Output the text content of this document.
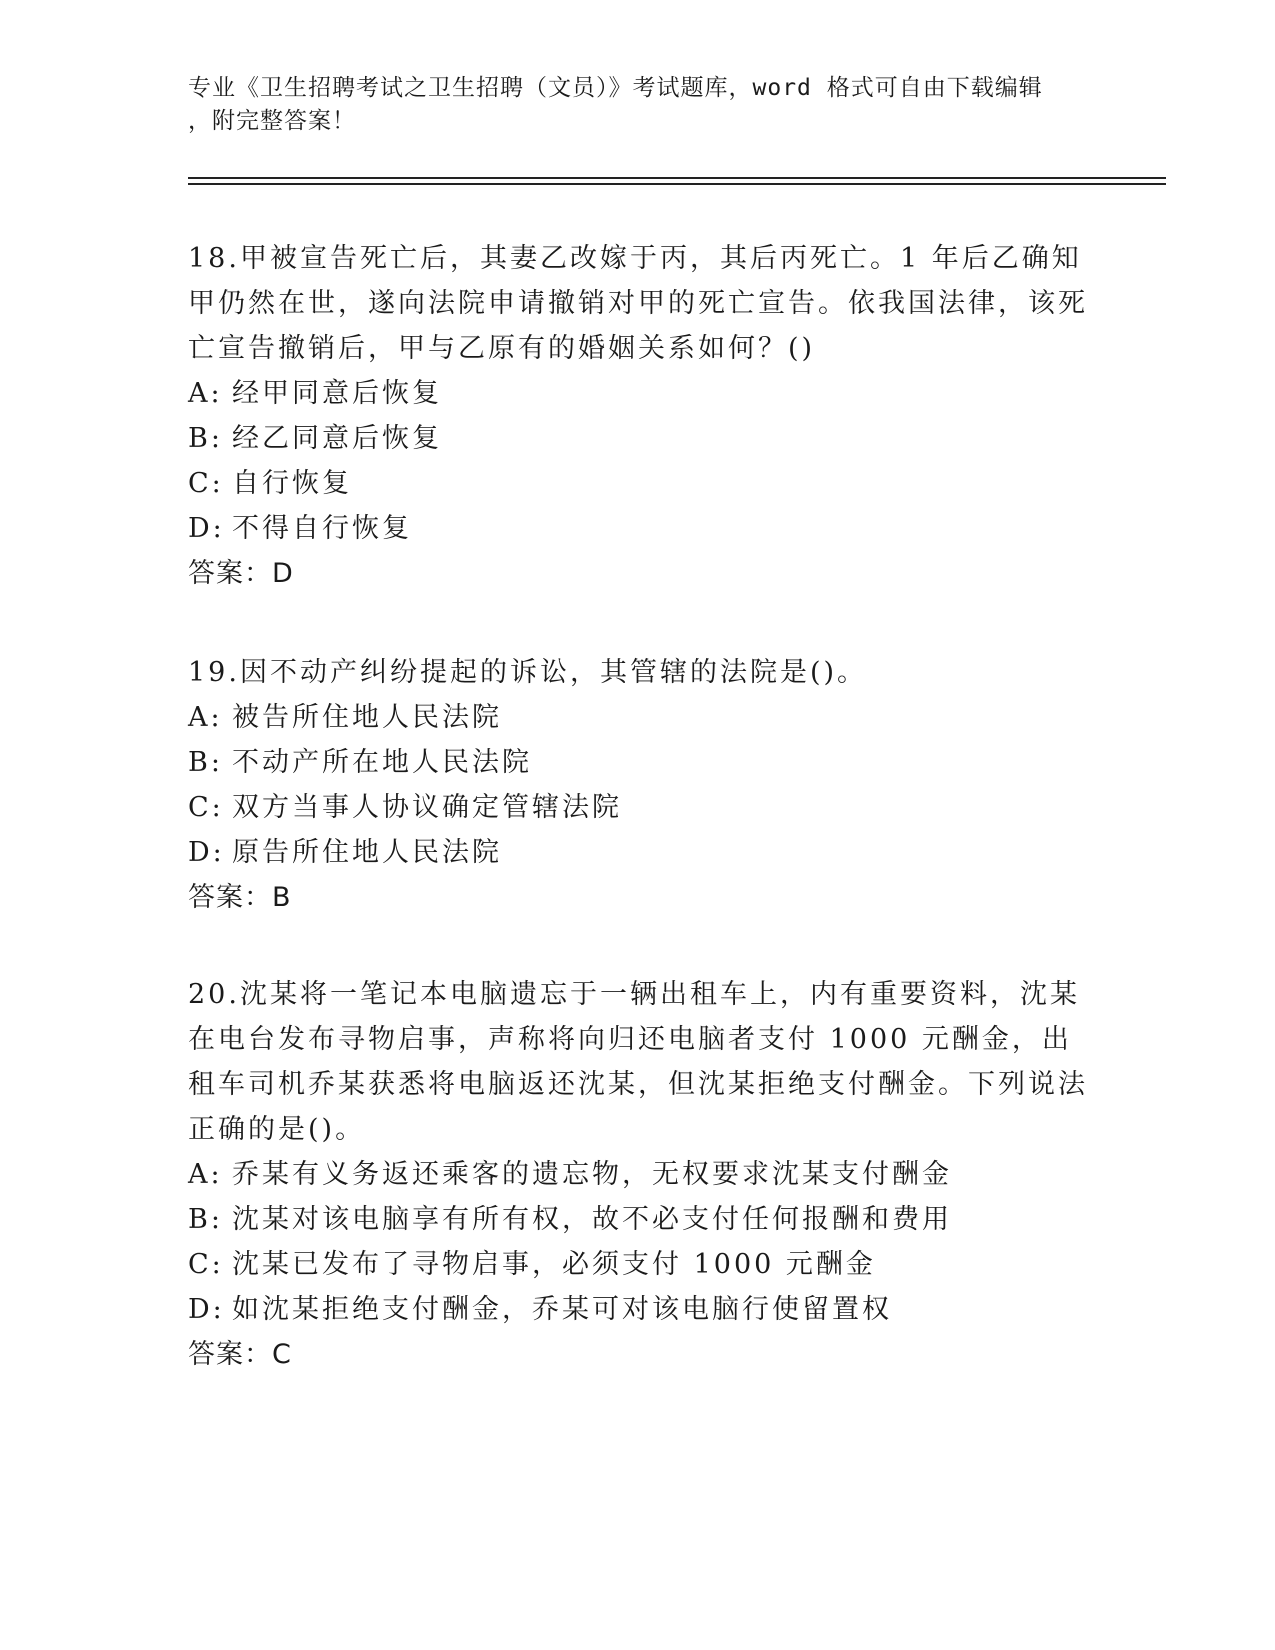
专业《卫生招聘考试之卫生招聘（文员）》考试题库，word 格式可自由下载编辑
，附完整答案！

18.甲被宣告死亡后，其妻乙改嫁于丙，其后丙死亡。1 年后乙确知甲仍然在世，遂向法院申请撤销对甲的死亡宣告。依我国法律，该死亡宣告撤销后，甲与乙原有的婚姻关系如何？()

A: 经甲同意后恢复
B: 经乙同意后恢复
C: 自行恢复
D: 不得自行恢复

答案：D

19.因不动产纠纷提起的诉讼，其管辖的法院是()。

A: 被告所住地人民法院
B: 不动产所在地人民法院
C: 双方当事人协议确定管辖法院
D: 原告所住地人民法院

答案：B

20.沈某将一笔记本电脑遗忘于一辆出租车上，内有重要资料，沈某在电台发布寻物启事，声称将向归还电脑者支付 1000 元酬金，出租车司机乔某获悉将电脑返还沈某，但沈某拒绝支付酬金。下列说法正确的是()。

A: 乔某有义务返还乘客的遗忘物，无权要求沈某支付酬金
B: 沈某对该电脑享有所有权，故不必支付任何报酬和费用
C: 沈某已发布了寻物启事，必须支付 1000 元酬金
D: 如沈某拒绝支付酬金，乔某可对该电脑行使留置权

答案：C
